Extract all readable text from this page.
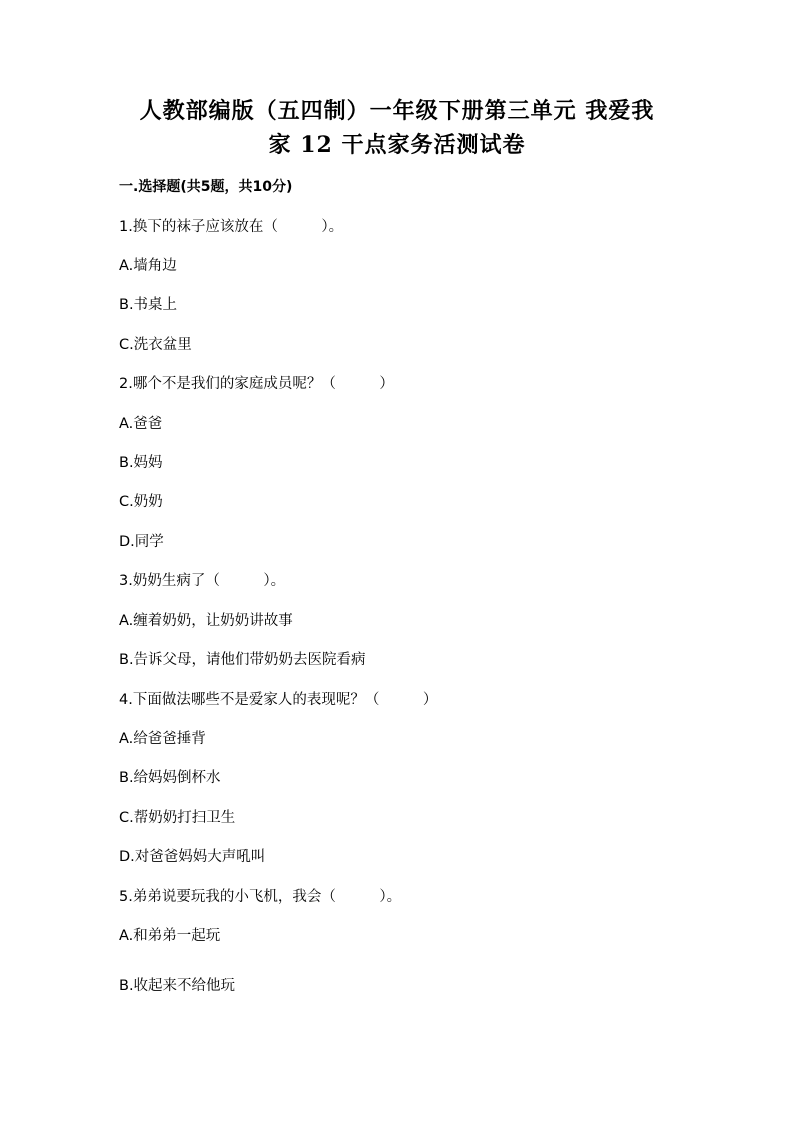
人教部编版（五四制）一年级下册第三单元 我爱我
家 12 干点家务活测试卷
一.选择题(共5题，共10分)
1.换下的袜子应该放在（　　　）。
A.墙角边
B.书桌上
C.洗衣盆里
2.哪个不是我们的家庭成员呢？（　　　）
A.爸爸
B.妈妈
C.奶奶
D.同学
3.奶奶生病了（　　　）。
A.缠着奶奶，让奶奶讲故事
B.告诉父母，请他们带奶奶去医院看病
4.下面做法哪些不是爱家人的表现呢？（　　　）
A.给爸爸捶背
B.给妈妈倒杯水
C.帮奶奶打扫卫生
D.对爸爸妈妈大声吼叫
5.弟弟说要玩我的小飞机，我会（　　　）。
A.和弟弟一起玩
B.收起来不给他玩
